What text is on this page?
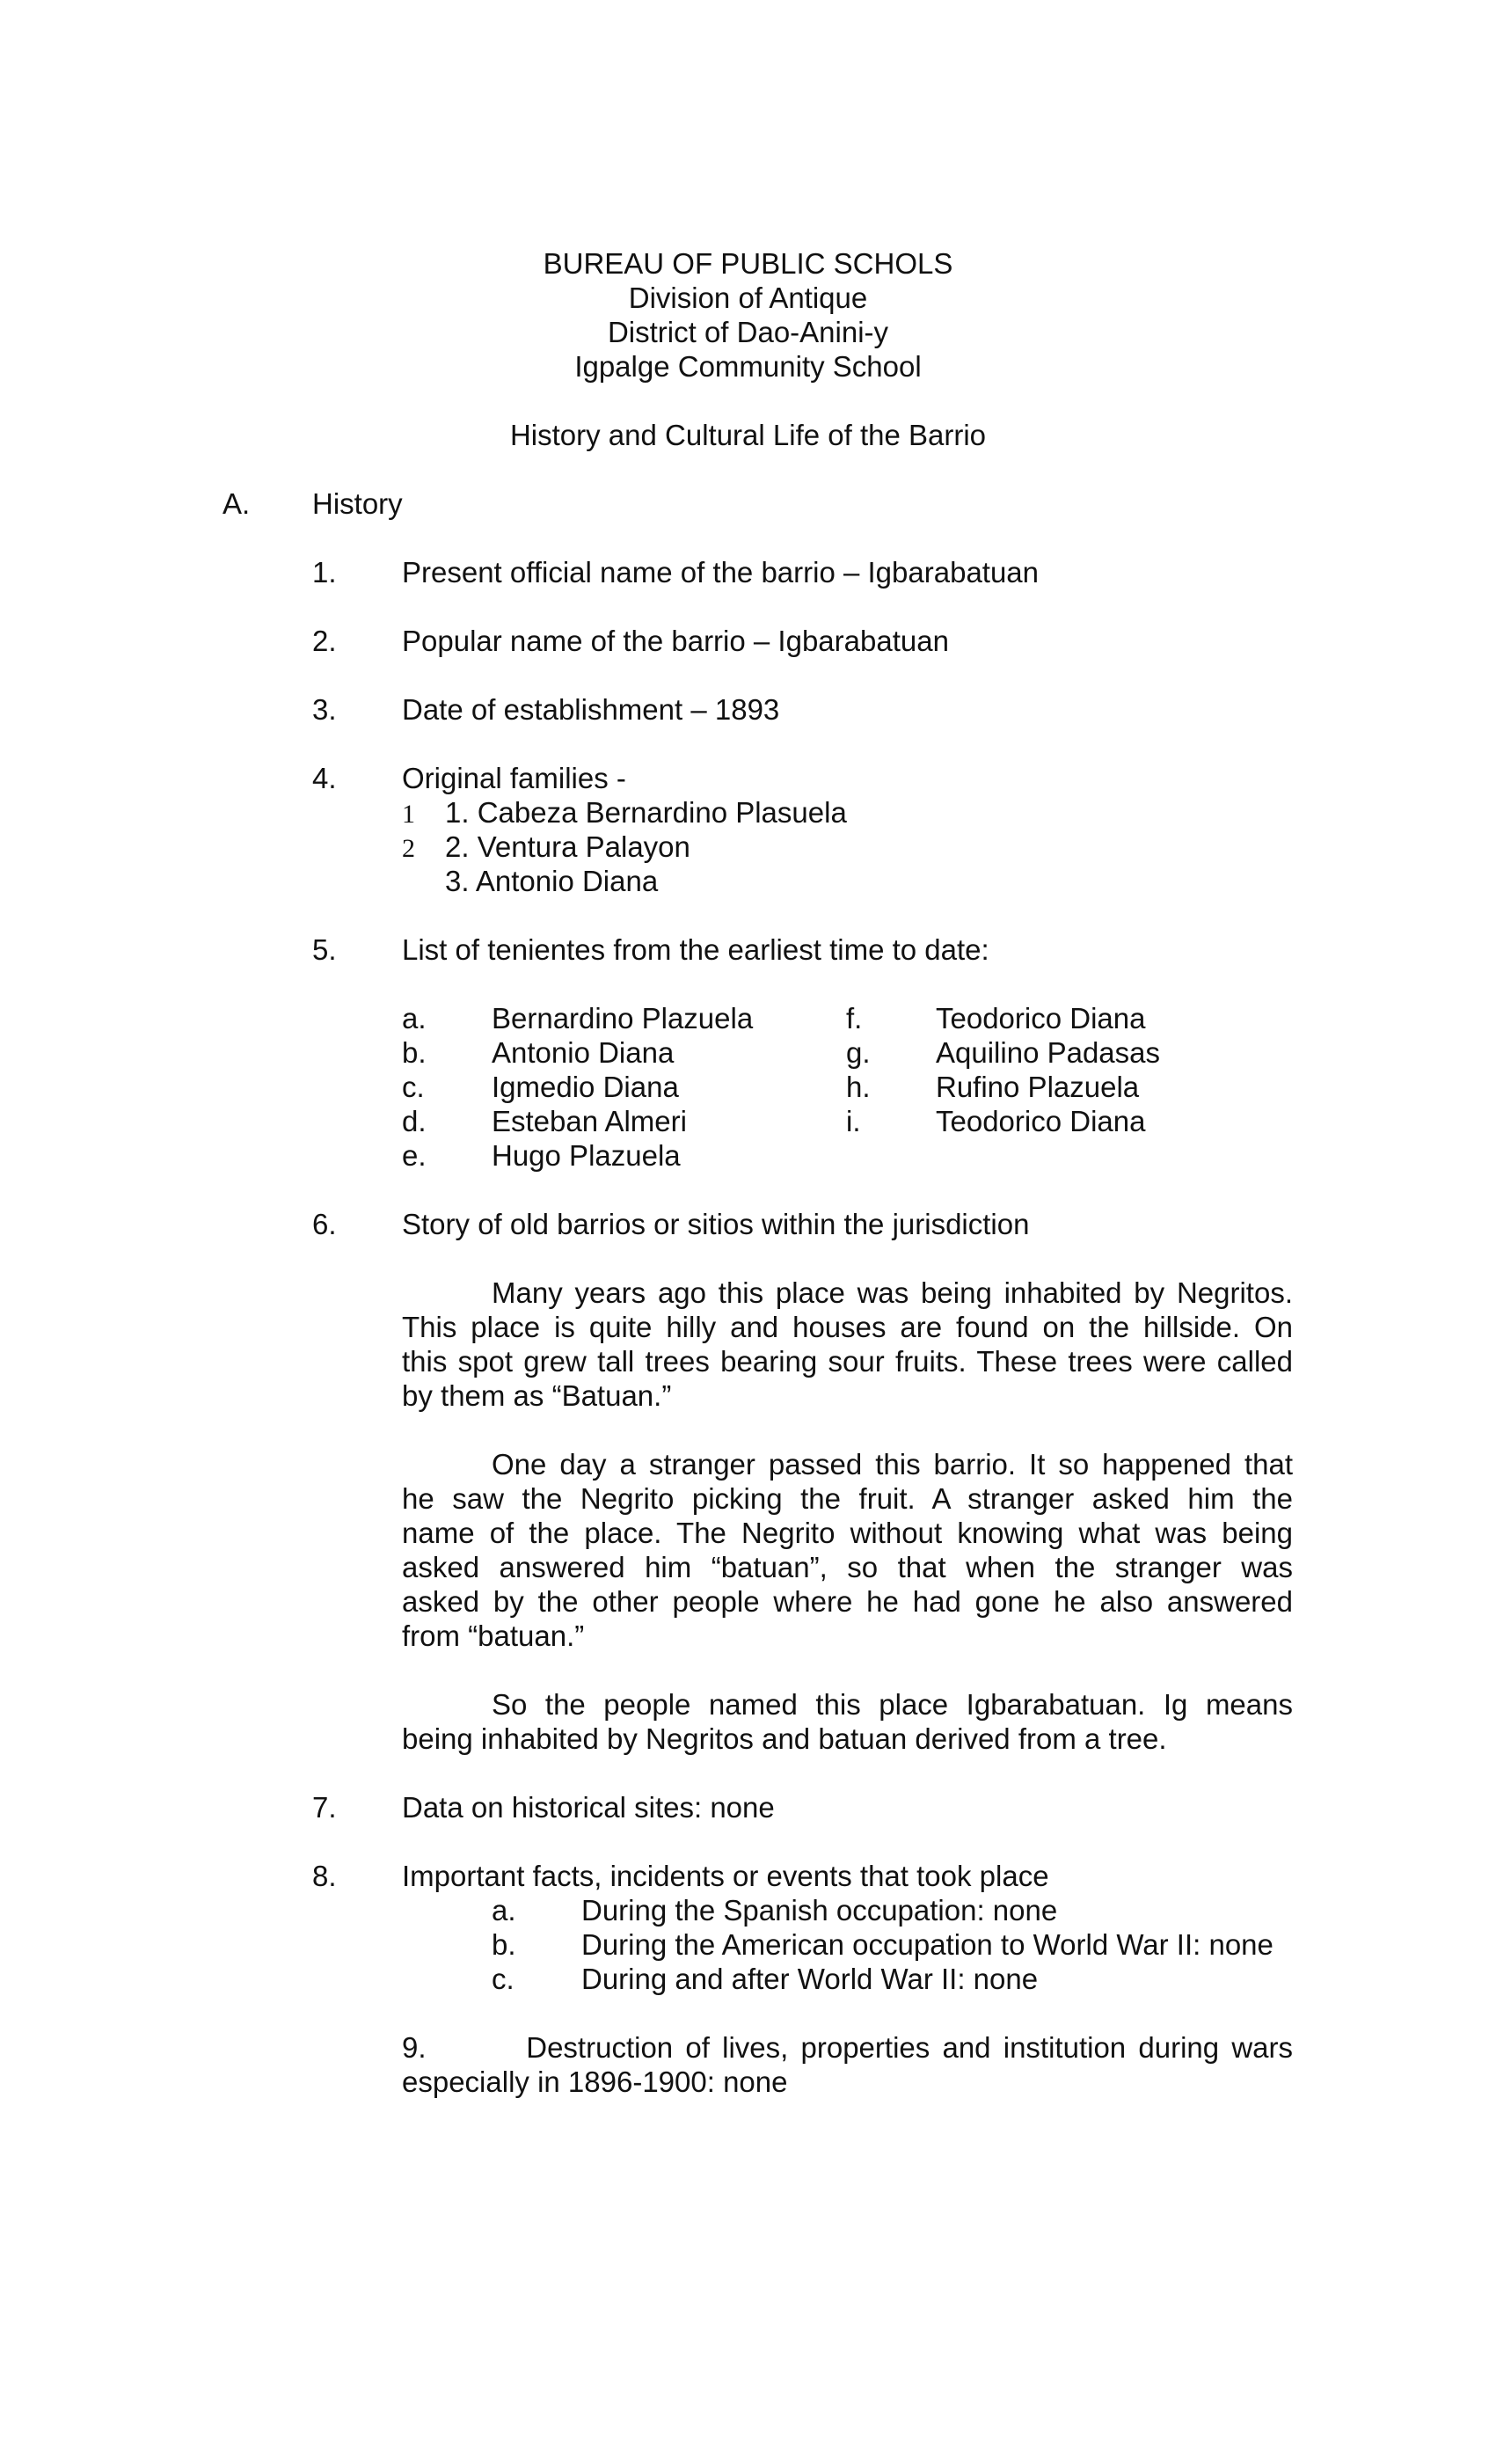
BUREAU OF PUBLIC SCHOLS
Division of Antique
District of Dao-Anini-y
Igpalge Community School
History and Cultural Life of the Barrio
A. History
1. Present official name of the barrio – Igbarabatuan
2. Popular name of the barrio – Igbarabatuan
3. Date of establishment – 1893
4. Original families -
1
2
1. Cabeza Bernardino Plasuela
2. Ventura Palayon
3. Antonio Diana
5. List of tenientes from the earliest time to date:
a. Bernardino Plazuela
b. Antonio Diana
c. Igmedio Diana
d. Esteban Almeri
e. Hugo Plazuela
f.	Teodorico Diana
g. Aquilino Padasas
h. Rufino Plazuela
i.	Teodorico Diana
6. Story of old barrios or sitios within the jurisdiction
Many years ago this place was being inhabited by Negritos.
This place is quite hilly and houses are found on the hillside. On
this spot grew tall trees bearing sour fruits. These trees were called
by them as “Batuan.”
One day a stranger passed this barrio. It so happened that
he saw the Negrito picking the fruit. A stranger asked him the
name of the place. The Negrito without knowing what was being
asked answered him “batuan”, so that when the stranger was
asked by the other people where he had gone he also answered
from “batuan.”
So the people named this place Igbarabatuan. Ig means
being inhabited by Negritos and batuan derived from a tree.
7. Data on historical sites: none
8. Important facts, incidents or events that took place
a. During the Spanish occupation: none
b. During the American occupation to World War II: none
c. During and after World War II: none
9.        Destruction of lives, properties and institution during wars
especially in 1896-1900: none
